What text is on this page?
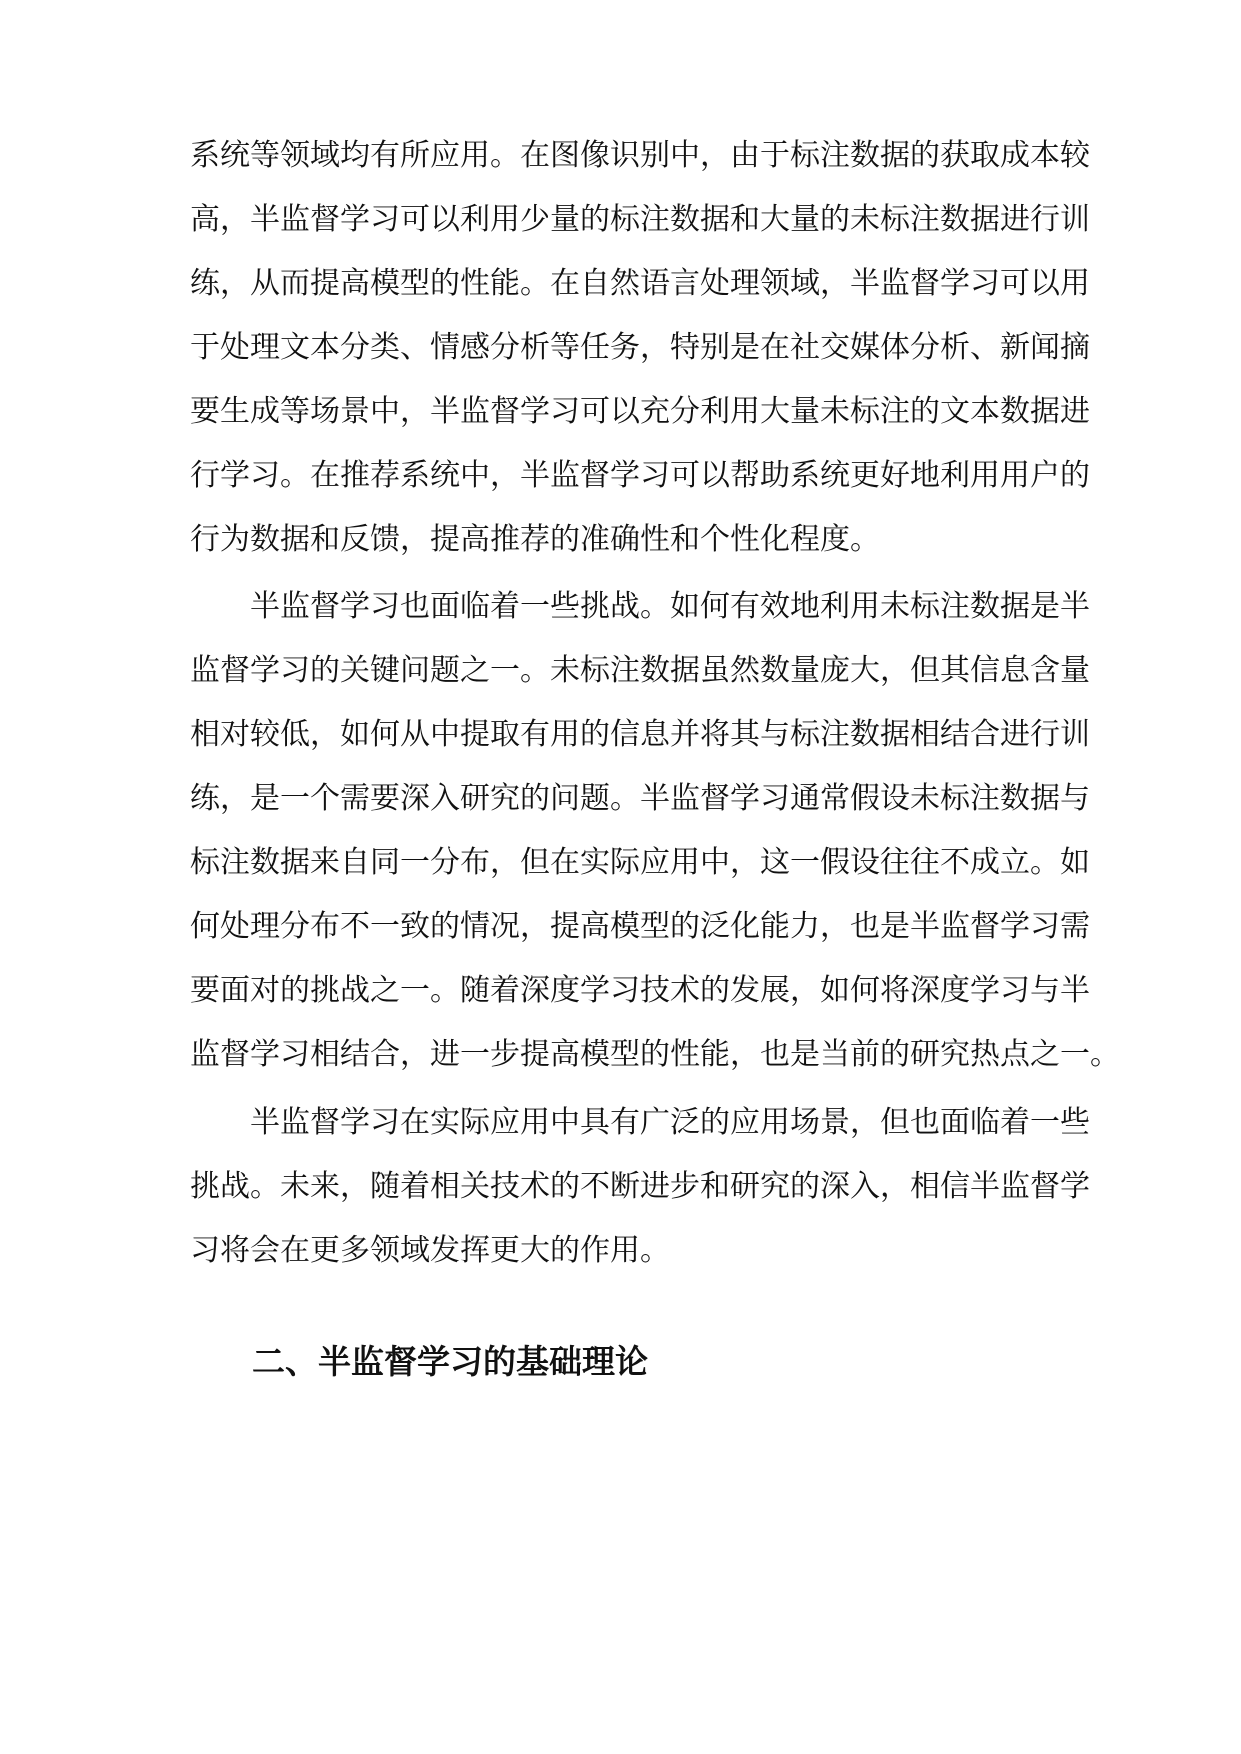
系统等领域均有所应用。在图像识别中，由于标注数据的获取成本较
高，半监督学习可以利用少量的标注数据和大量的未标注数据进行训
练，从而提高模型的性能。在自然语言处理领域，半监督学习可以用
于处理文本分类、情感分析等任务，特别是在社交媒体分析、新闻摘
要生成等场景中，半监督学习可以充分利用大量未标注的文本数据进
行学习。在推荐系统中，半监督学习可以帮助系统更好地利用用户的
行为数据和反馈，提高推荐的准确性和个性化程度。
半监督学习也面临着一些挑战。如何有效地利用未标注数据是半
监督学习的关键问题之一。未标注数据虽然数量庞大，但其信息含量
相对较低，如何从中提取有用的信息并将其与标注数据相结合进行训
练，是一个需要深入研究的问题。半监督学习通常假设未标注数据与
标注数据来自同一分布，但在实际应用中，这一假设往往不成立。如
何处理分布不一致的情况，提高模型的泛化能力，也是半监督学习需
要面对的挑战之一。随着深度学习技术的发展，如何将深度学习与半
监督学习相结合，进一步提高模型的性能，也是当前的研究热点之一。
半监督学习在实际应用中具有广泛的应用场景，但也面临着一些
挑战。未来，随着相关技术的不断进步和研究的深入，相信半监督学
习将会在更多领域发挥更大的作用。
二、半监督学习的基础理论
